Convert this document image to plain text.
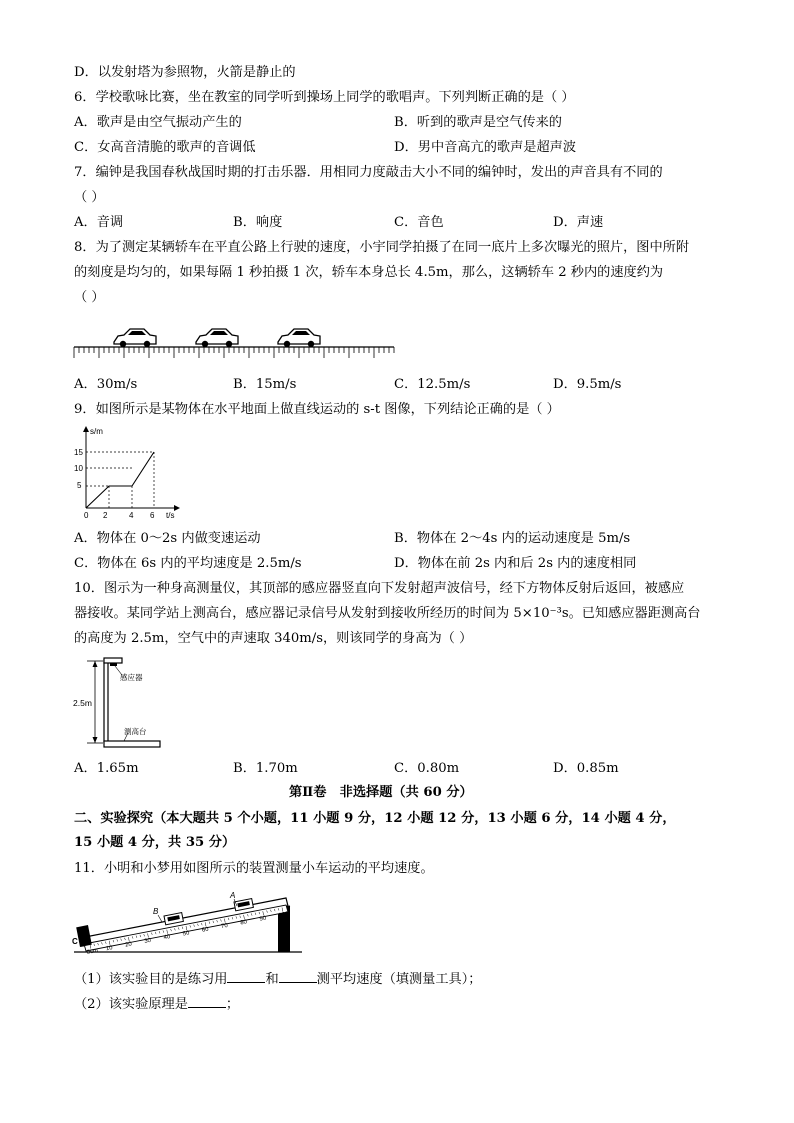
D．以发射塔为参照物，火箭是静止的
6．学校歌咏比赛，坐在教室的同学听到操场上同学的歌唱声。下列判断正确的是（ ）
A．歌声是由空气振动产生的	B．听到的歌声是空气传来的
C．女高音清脆的歌声的音调低	D．男中音高亢的歌声是超声波
7．编钟是我国春秋战国时期的打击乐器．用相同力度敲击大小不同的编钟时，发出的声音具有不同的
（ ）
A．音调	B．响度	C．音色	D．声速
8．为了测定某辆轿车在平直公路上行驶的速度，小宇同学拍摄了在同一底片上多次曝光的照片，图中所附
的刻度是均匀的，如果每隔 1 秒拍摄 1 次，轿车本身总长 4.5m，那么，这辆轿车 2 秒内的速度约为
（ ）
A．30m/s	B．15m/s	C．12.5m/s	D．9.5m/s
9．如图所示是某物体在水平地面上做直线运动的 s-t 图像，下列结论正确的是（ ）
s/m
t/s
15
10
5
0 2	4 6
A．物体在 0～2s 内做变速运动	B．物体在 2～4s 内的运动速度是 5m/s
C．物体在 6s 内的平均速度是 2.5m/s	D．物体在前 2s 内和后 2s 内的速度相同
10．图示为一种身高测量仪，其顶部的感应器竖直向下发射超声波信号，经下方物体反射后返回，被感应
器接收。某同学站上测高台，感应器记录信号从发射到接收所经历的时间为 5×10⁻³s。已知感应器距测高台
的高度为 2.5m，空气中的声速取 340m/s，则该同学的身高为（ ）
2.5m
感应器
测高台
A．1.65m	B．1.70m	C．0.80m	D．0.85m
第Ⅱ卷　非选择题（共 60 分）
二、实验探究（本大题共 5 个小题，11 小题 9 分，12 小题 12 分，13 小题 6 分，14 小题 4 分，
15 小题 4 分，共 35 分）
11．小明和小梦用如图所示的装置测量小车运动的平均速度。
C
A
B
0cm 10
20
30
40
50
60
70
80
90
100
（1）该实验目的是练习用	和	测平均速度（填测量工具）；
（2）该实验原理是	；
